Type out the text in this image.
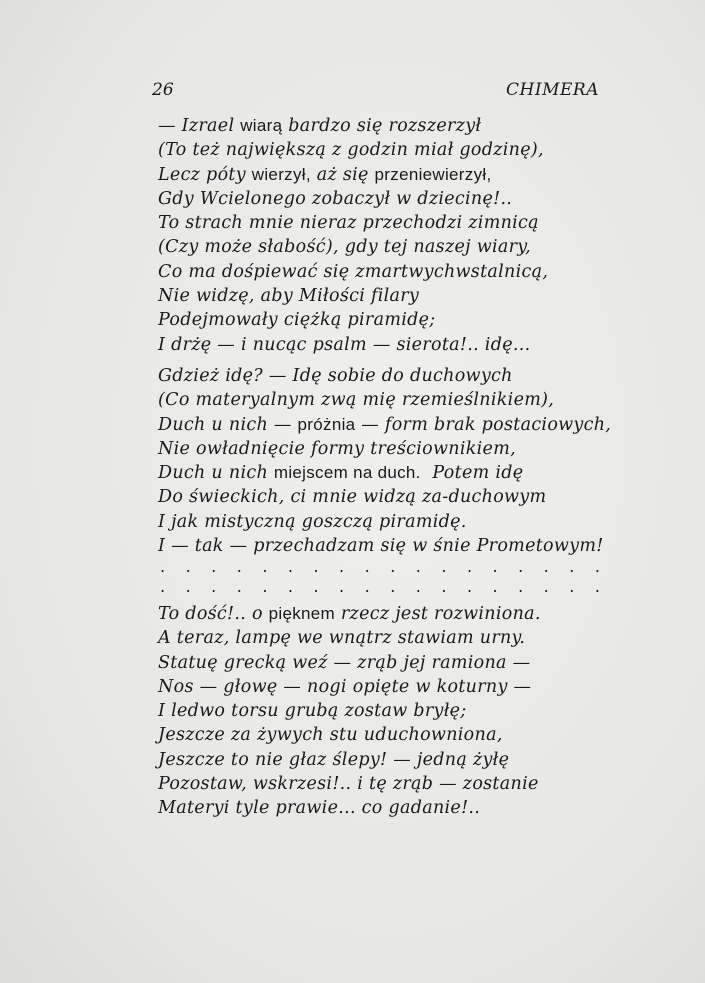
26	CHIMERA
— Izrael wiarą bardzo się rozszerzył
(To też największą z godzin miał godzinę),
Lecz póty wierzył, aż się przeniewierzył,
Gdy Wcielonego zobaczył w dziecinę!..
To strach mnie nieraz przechodzi zimnicą
(Czy może słabość), gdy tej naszej wiary,
Co ma dośpiewać się zmartwychwstalnicą,
Nie widzę, aby Miłości filary
Podejmowały ciężką piramidę;
I drżę — i nucąc psalm — sierota!.. idę...
Gdzież idę? — Idę sobie do duchowych
(Co materyalnym zwą mię rzemieślnikiem),
Duch u nich — próżnia — form brak postaciowych,
Nie owładnięcie formy treściownikiem,
Duch u nich miejscem na duch.  Potem idę
Do świeckich, ci mnie widzą za-duchowym
I jak mistyczną goszczą piramidę.
I — tak — przechadzam się w śnie Prometowym!
. . . . . . . . . . . . . . . . . .
. . . . . . . . . . . . . . . . . .
To dość!.. o pięknem rzecz jest rozwiniona.
A teraz, lampę we wnątrz stawiam urny.
Statuę grecką weź — zrąb jej ramiona —
Nos — głowę — nogi opięte w koturny —
I ledwo torsu grubą zostaw bryłę;
Jeszcze za żywych stu uduchowniona,
Jeszcze to nie głaz ślepy! — jedną żyłę
Pozostaw, wskrzesi!.. i tę zrąb — zostanie
Materyi tyle prawie... co gadanie!..
